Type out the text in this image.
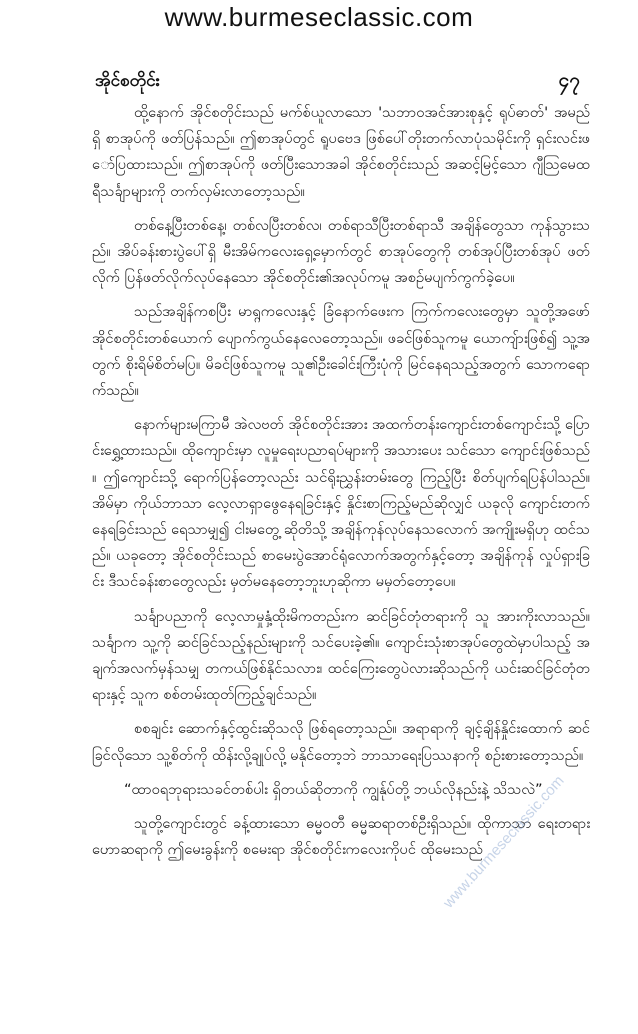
www.burmeseclassic.com
အိုင်စတိုင်း	၄၇

ထို့နောက် အိုင်စတိုင်းသည် မက်စ်ယူလာသော 'သဘာဝအင်အားစုနှင့် ရုပ်ဓာတ်' အမည်ရှိ စာအုပ်ကို ဖတ်ပြန်သည်။ ဤစာအုပ်တွင် ရူပဗေဒ ဖြစ်ပေါ်တိုးတက်လာပုံသမိုင်းကို ရှင်းလင်းဖော်ပြထားသည်။ ဤစာအုပ်ကို ဖတ်ပြီးသောအခါ အိုင်စတိုင်းသည် အဆင့်မြင့်သော ဂျီသြမေထရီသင်္ချာများကို တက်လှမ်းလာတော့သည်။

တစ်နေ့ပြီးတစ်နေ့၊ တစ်လပြီးတစ်လ၊ တစ်ရာသီပြီးတစ်ရာသီ အချိန်တွေသာ ကုန်သွားသည်။ အိပ်ခန်းစားပွဲပေါ်ရှိ မီးအိမ်ကလေးရှေ့မှောက်တွင် စာအုပ်တွေကို တစ်အုပ်ပြီးတစ်အုပ် ဖတ်လိုက် ပြန်ဖတ်လိုက်လုပ်နေသော အိုင်စတိုင်း၏အလုပ်ကမူ အစဉ်မပျက်ကွက်ခဲ့ပေ။

သည်အချိန်ကစပြီး မာရ္ဂကလေးနှင့် ခြံနောက်ဖေးက ကြက်ကလေးတွေမှာ သူတို့အဖော် အိုင်စတိုင်းတစ်ယောက် ပျောက်ကွယ်နေလေတော့သည်။ ဖခင်ဖြစ်သူကမူ ယောကျ်ားဖြစ်၍ သူ့အတွက် စိုးရိမ်စိတ်မပြ။ မိခင်ဖြစ်သူကမူ သူ၏ဦးခေါင်းကြီးပုံကို မြင်နေရသည့်အတွက် သောကရောက်သည်။

နောက်များမကြာမီ အဲလဗတ် အိုင်စတိုင်းအား အထက်တန်းကျောင်းတစ်ကျောင်းသို့ ပြောင်းရွှေ့ထားသည်။ ထိုကျောင်းမှာ လူမှုရေးပညာရပ်များကို အသားပေး သင်သော ကျောင်းဖြစ်သည်။ ဤကျောင်းသို့ ရောက်ပြန်တော့လည်း သင်ရိုးညွှန်းတမ်းတွေ ကြည့်ပြီး စိတ်ပျက်ရပြန်ပါသည်။ အိမ်မှာ ကိုယ်ဘာသာ လေ့လာရှာဖွေနေရခြင်းနှင့် နှိုင်းစာကြည့်မည်ဆိုလျှင် ယခုလို ကျောင်းတက်နေရခြင်းသည် ရေသာမျှ၍ ငါးမတွေ့ ဆိုတိသို့ အချိန်ကုန်လုပ်နေသလောက် အကျိုးမရှိဟု ထင်သည်။ ယခုတော့ အိုင်စတိုင်းသည် စာမေးပွဲအောင်ရုံလောက်အတွက်နှင့်တော့ အချိန်ကုန် လှုပ်ရှားခြင်း ဒီသင်ခန်းစာတွေလည်း မှတ်မနေတော့ဘူးဟုဆိုကာ မမှတ်တော့ပေ။

သင်္ချာပညာကို လေ့လာမှုနှံ့ထိုးမိကတည်းက ဆင်ခြင်တုံတရားကို သူ အားကိုးလာသည်။ သင်္ချာက သူ့ကို ဆင်ခြင်သည့်နည်းများကို သင်ပေးခဲ့၏။ ကျောင်းသုံးစာအုပ်တွေထဲမှာပါသည့် အချက်အလက်မှန်သမျှ တကယ်ဖြစ်နိုင်သလား၊ ထင်ကြေးတွေပဲလားဆိုသည်ကို ယင်းဆင်ခြင်တုံတရားနှင့် သူက စစ်တမ်းထုတ်ကြည့်ချင်သည်။

စစချင်း ဆောက်နှင့်ထွင်းဆိုသလို ဖြစ်ရတော့သည်။ အရာရာကို ချင့်ချိန်နှိုင်းထောက် ဆင်ခြင်လိုသော သူ့စိတ်ကို ထိန်းလို့ချုပ်လို့ မနိုင်တော့ဘဲ ဘာသာရေးပြဿနာကို စဉ်းစားတော့သည်။

“ထာဝရဘုရားသခင်တစ်ပါး ရှိတယ်ဆိုတာကို ကျွန်ုပ်တို့ ဘယ်လိုနည်းနဲ့ သိသလဲ”

သူတို့ကျောင်းတွင် ခန့်ထားသော ဓမ္မဝတီ ဓမ္မဆရာတစ်ဦးရှိသည်။ ထိုကာသာ ရေးတရားဟောဆရာကို ဤမေးခွန်းကို စမေးရာ အိုင်စတိုင်းကလေးကိုပင် ထိုမေးသည်

www.burmeseclassic.com
